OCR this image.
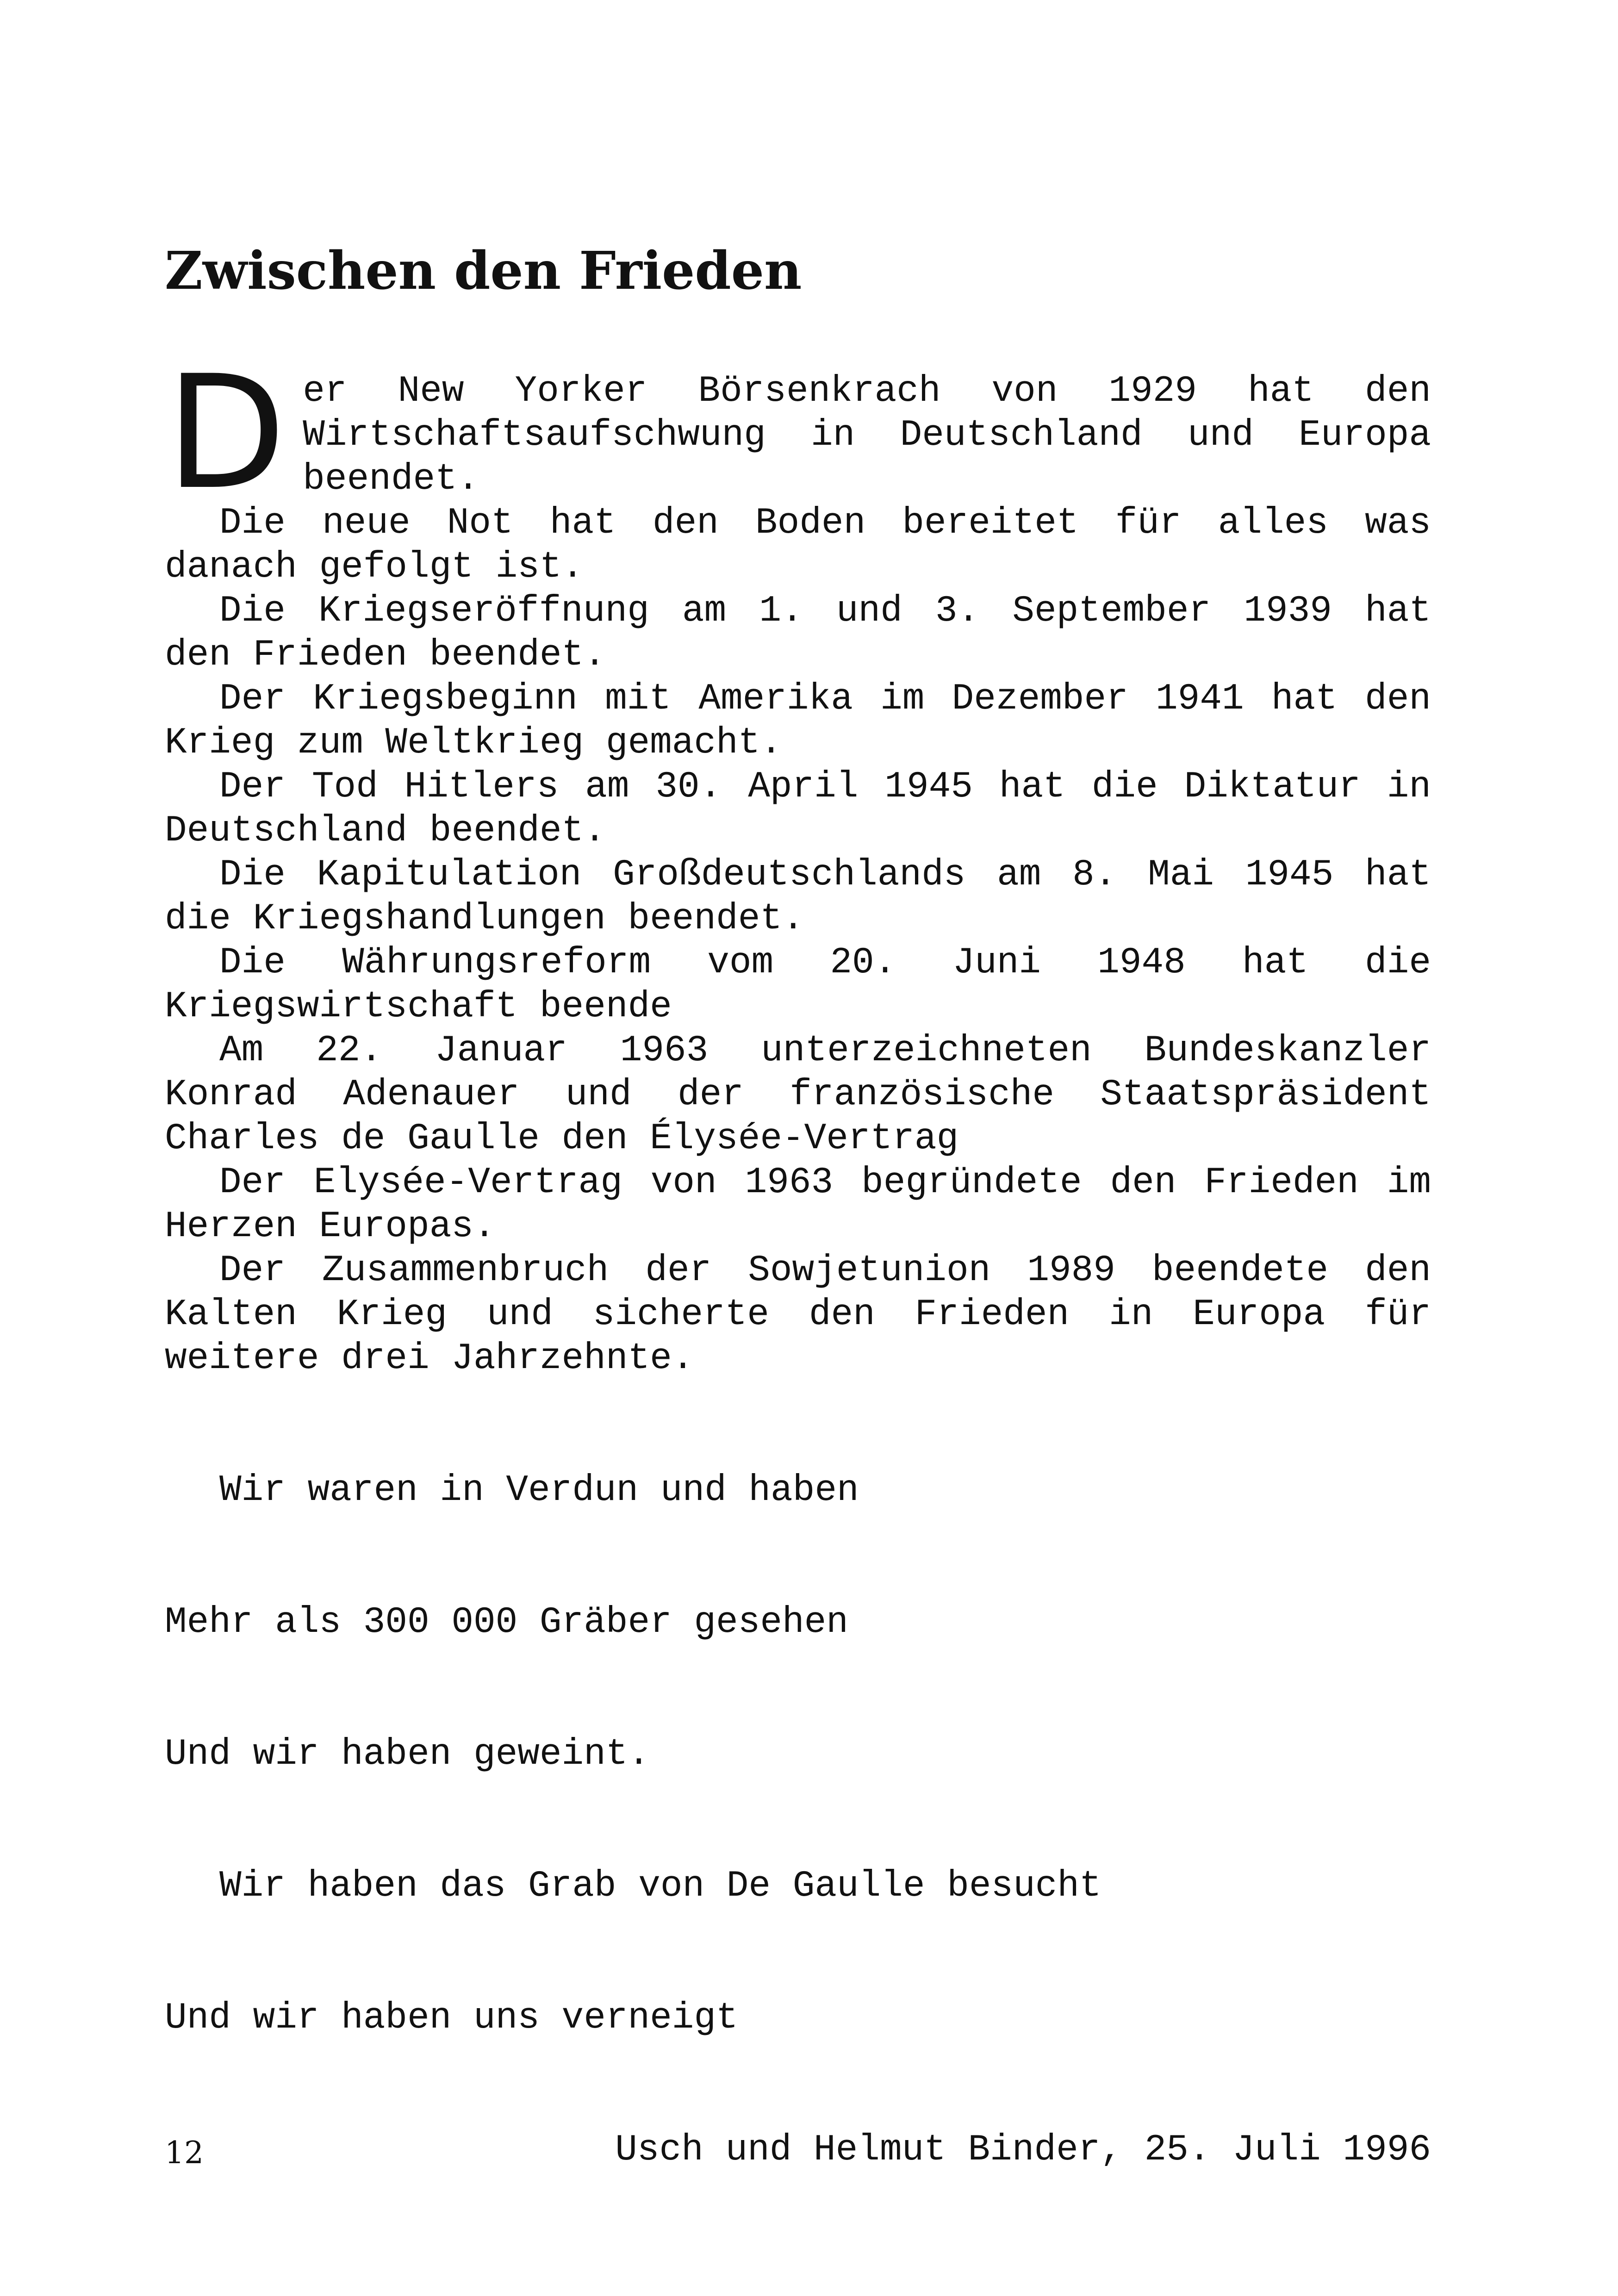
Zwischen den Frieden

Der New Yorker Börsenkrach von 1929 hat den Wirtschaftsaufschwung in Deutschland und Europa beendet.

Die neue Not hat den Boden bereitet für alles was danach gefolgt ist.

Die Kriegseröffnung am 1. und 3. September 1939 hat den Frieden beendet.

Der Kriegsbeginn mit Amerika im Dezember 1941 hat den Krieg zum Weltkrieg gemacht.

Der Tod Hitlers am 30. April 1945 hat die Diktatur in Deutschland beendet.

Die Kapitulation Großdeutschlands am 8. Mai 1945 hat die Kriegshandlungen beendet.

Die Währungsreform vom 20. Juni 1948 hat die Kriegswirtschaft beende

Am 22. Januar 1963 unterzeichneten Bundeskanzler Konrad Adenauer und der französische Staatspräsident Charles de Gaulle den Élysée-Vertrag

Der Elysée-Vertrag von 1963 begründete den Frieden im Herzen Europas.

Der Zusammenbruch der Sowjetunion 1989 beendete den Kalten Krieg und sicherte den Frieden in Europa für weitere drei Jahrzehnte.

Wir waren in Verdun und haben

Mehr als 300 000 Gräber gesehen

Und wir haben geweint.

Wir haben das Grab von De Gaulle besucht

Und wir haben uns verneigt

Usch und Helmut Binder, 25. Juli 1996

12
